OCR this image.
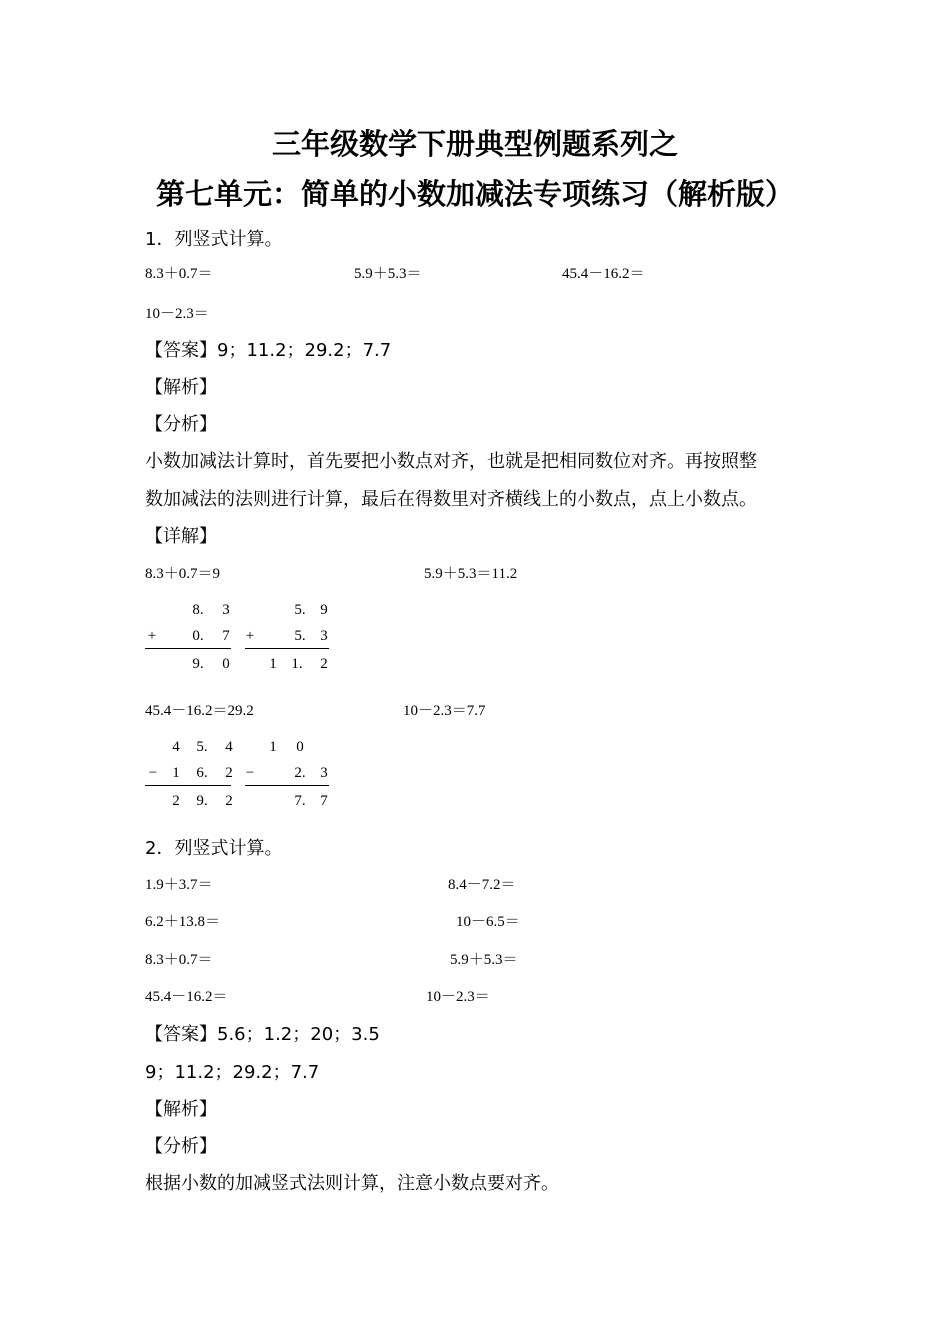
三年级数学下册典型例题系列之
第七单元：简单的小数加减法专项练习（解析版）
1．列竖式计算。
8.3＋0.7＝	5.9＋5.3＝	45.4－16.2＝
10－2.3＝
【答案】9；11.2；29.2；7.7
【解析】
【分析】
小数加减法计算时，首先要把小数点对齐，也就是把相同数位对齐。再按照整
数加减法的法则进行计算，最后在得数里对齐横线上的小数点，点上小数点。
【详解】
8.3＋0.7＝9	5.9＋5.3＝11.2
8. 3
+ 0. 7
9. 0
5. 9
+	5. 3
1 1. 2
45.4－16.2＝29.2	10－2.3＝7.7
4 5. 4
− 1 6. 2
2 9. 2
1 0
−	2. 3
7. 7
2．列竖式计算。
1.9＋3.7＝	8.4－7.2＝
6.2＋13.8＝	10－6.5＝
8.3＋0.7＝	5.9＋5.3＝
45.4－16.2＝	10－2.3＝
【答案】5.6；1.2；20；3.5
9；11.2；29.2；7.7
【解析】
【分析】
根据小数的加减竖式法则计算，注意小数点要对齐。
